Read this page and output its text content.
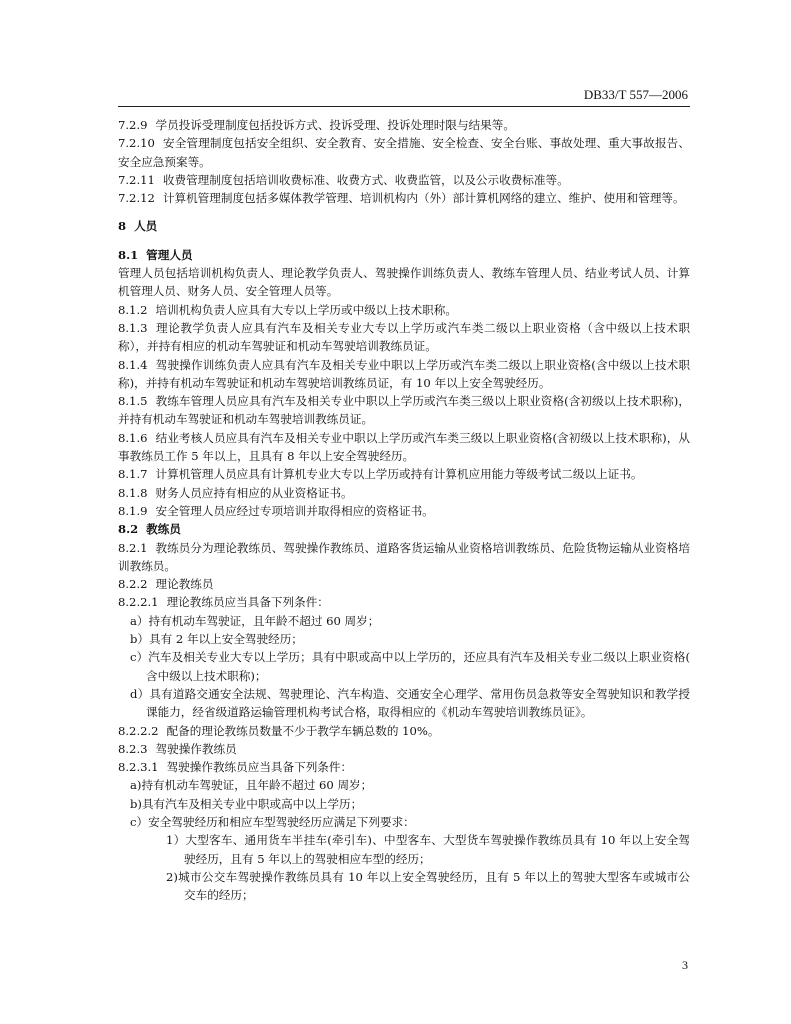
DB33/T 557—2006

7.2.9 学员投诉受理制度包括投诉方式、投诉受理、投诉处理时限与结果等。

7.2.10 安全管理制度包括安全组织、安全教育、安全措施、安全检查、安全台账、事故处理、重大事故报告、安全应急预案等。

7.2.11 收费管理制度包括培训收费标准、收费方式、收费监管，以及公示收费标准等。

7.2.12 计算机管理制度包括多媒体教学管理、培训机构内（外）部计算机网络的建立、维护、使用和管理等。

8 人员

8.1 管理人员

管理人员包括培训机构负责人、理论教学负责人、驾驶操作训练负责人、教练车管理人员、结业考试人员、计算机管理人员、财务人员、安全管理人员等。

8.1.2 培训机构负责人应具有大专以上学历或中级以上技术职称。

8.1.3 理论教学负责人应具有汽车及相关专业大专以上学历或汽车类二级以上职业资格（含中级以上技术职称），并持有相应的机动车驾驶证和机动车驾驶培训教练员证。

8.1.4 驾驶操作训练负责人应具有汽车及相关专业中职以上学历或汽车类二级以上职业资格(含中级以上技术职称)，并持有机动车驾驶证和机动车驾驶培训教练员证，有 10 年以上安全驾驶经历。

8.1.5 教练车管理人员应具有汽车及相关专业中职以上学历或汽车类三级以上职业资格(含初级以上技术职称)，并持有机动车驾驶证和机动车驾驶培训教练员证。

8.1.6 结业考核人员应具有汽车及相关专业中职以上学历或汽车类三级以上职业资格(含初级以上技术职称)，从事教练员工作 5 年以上，且具有 8 年以上安全驾驶经历。

8.1.7 计算机管理人员应具有计算机专业大专以上学历或持有计算机应用能力等级考试二级以上证书。

8.1.8 财务人员应持有相应的从业资格证书。

8.1.9 安全管理人员应经过专项培训并取得相应的资格证书。

8.2 教练员

8.2.1 教练员分为理论教练员、驾驶操作教练员、道路客货运输从业资格培训教练员、危险货物运输从业资格培训教练员。

8.2.2 理论教练员

8.2.2.1 理论教练员应当具备下列条件：

a）持有机动车驾驶证，且年龄不超过 60 周岁；

b）具有 2 年以上安全驾驶经历；

c）汽车及相关专业大专以上学历；具有中职或高中以上学历的，还应具有汽车及相关专业二级以上职业资格( 含中级以上技术职称)；

d）具有道路交通安全法规、驾驶理论、汽车构造、交通安全心理学、常用伤员急救等安全驾驶知识和教学授课能力，经省级道路运输管理机构考试合格，取得相应的《机动车驾驶培训教练员证》。

8.2.2.2 配备的理论教练员数量不少于教学车辆总数的 10%。

8.2.3 驾驶操作教练员

8.2.3.1 驾驶操作教练员应当具备下列条件：

a)持有机动车驾驶证，且年龄不超过 60 周岁；

b)具有汽车及相关专业中职或高中以上学历；

c）安全驾驶经历和相应车型驾驶经历应满足下列要求：

1）大型客车、通用货车半挂车(牵引车)、中型客车、大型货车驾驶操作教练员具有 10 年以上安全驾驶经历，且有 5 年以上的驾驶相应车型的经历；

2)城市公交车驾驶操作教练员具有 10 年以上安全驾驶经历，且有 5 年以上的驾驶大型客车或城市公交车的经历；

3
